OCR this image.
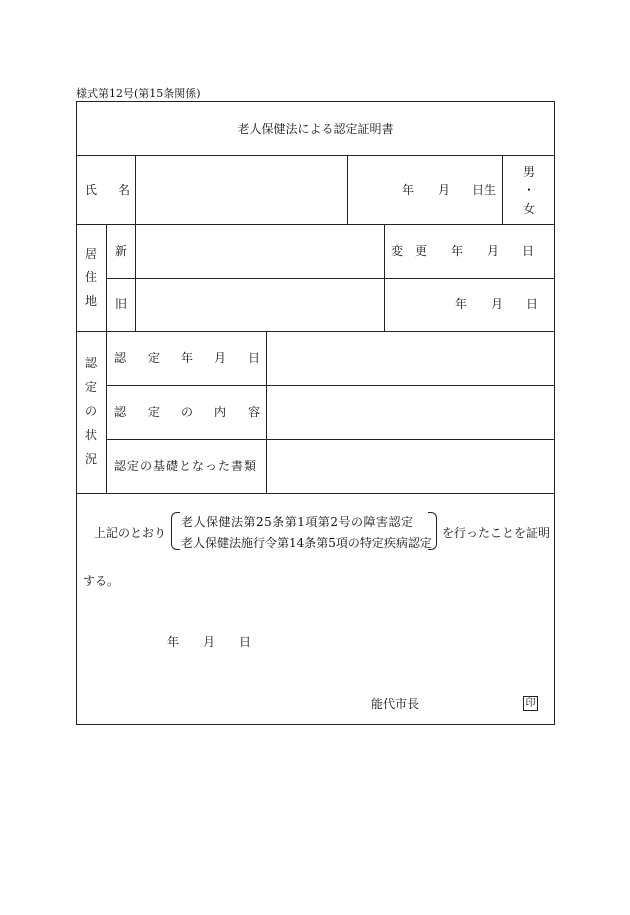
様式第12号(第15条関係)
老人保健法による認定証明書
氏 名	年 月 日生
男
・
女
居
住
地
新
旧
変 更 年 月 日
年 月 日
認
定
の
状
況
認 定 年 月 日
認 定 の 内 容
認定の基礎となった書類
上記のとおり
老人保健法第25条第1項第2号の障害認定
老人保健法施行令第14条第5項の特定疾病認定
を行ったことを証明
する。
年 月 日
能代市長	印
